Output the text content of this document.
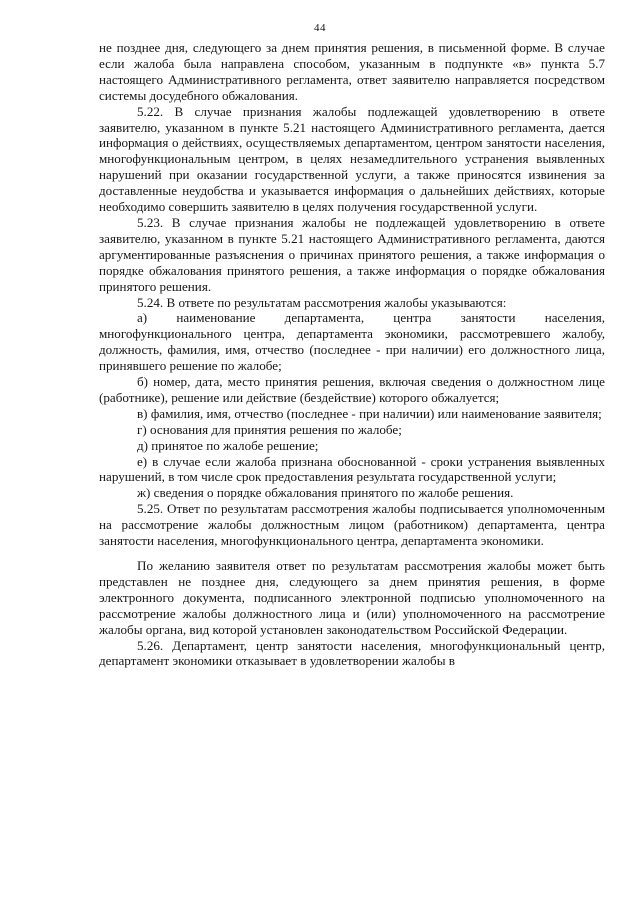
44

не позднее дня, следующего за днем принятия решения, в письменной форме. В случае если жалоба была направлена способом, указанным в подпункте «в» пункта 5.7 настоящего Административного регламента, ответ заявителю направляется посредством системы досудебного обжалования.

5.22. В случае признания жалобы подлежащей удовлетворению в ответе заявителю, указанном в пункте 5.21 настоящего Административного регламента, дается информация о действиях, осуществляемых департаментом, центром занятости населения, многофункциональным центром, в целях незамедлительного устранения выявленных нарушений при оказании государственной услуги, а также приносятся извинения за доставленные неудобства и указывается информация о дальнейших действиях, которые необходимо совершить заявителю в целях получения государственной услуги.

5.23. В случае признания жалобы не подлежащей удовлетворению в ответе заявителю, указанном в пункте 5.21 настоящего Административного регламента, даются аргументированные разъяснения о причинах принятого решения, а также информация о порядке обжалования принятого решения, а также информация о порядке обжалования принятого решения.

5.24. В ответе по результатам рассмотрения жалобы указываются:

а) наименование департамента, центра занятости населения, многофункционального центра, департамента экономики, рассмотревшего жалобу, должность, фамилия, имя, отчество (последнее - при наличии) его должностного лица, принявшего решение по жалобе;

б) номер, дата, место принятия решения, включая сведения о должностном лице (работнике), решение или действие (бездействие) которого обжалуется;

в) фамилия, имя, отчество (последнее - при наличии) или наименование заявителя;

г) основания для принятия решения по жалобе;

д) принятое по жалобе решение;

е) в случае если жалоба признана обоснованной - сроки устранения выявленных нарушений, в том числе срок предоставления результата государственной услуги;

ж) сведения о порядке обжалования принятого по жалобе решения.

5.25. Ответ по результатам рассмотрения жалобы подписывается уполномоченным на рассмотрение жалобы должностным лицом (работником) департамента, центра занятости населения, многофункционального центра, департамента экономики.

По желанию заявителя ответ по результатам рассмотрения жалобы может быть представлен не позднее дня, следующего за днем принятия решения, в форме электронного документа, подписанного электронной подписью уполномоченного на рассмотрение жалобы должностного лица и (или) уполномоченного на рассмотрение жалобы органа, вид которой установлен законодательством Российской Федерации.

5.26. Департамент, центр занятости населения, многофункциональный центр, департамент экономики отказывает в удовлетворении жалобы в
